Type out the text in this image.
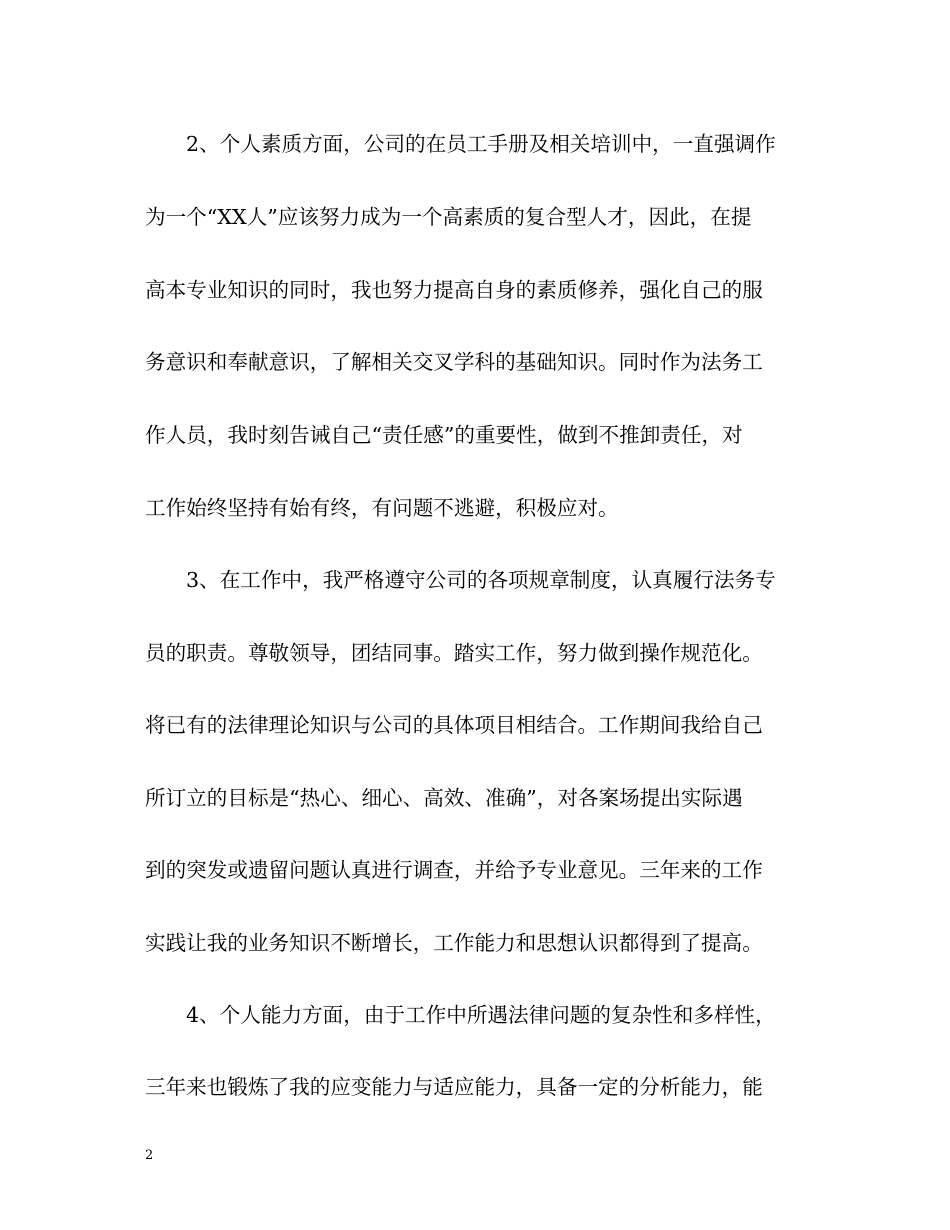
2、个人素质方面，公司的在员工手册及相关培训中，一直强调作
为一个“XX人”应该努力成为一个高素质的复合型人才，因此，在提
高本专业知识的同时，我也努力提高自身的素质修养，强化自己的服
务意识和奉献意识，了解相关交叉学科的基础知识。同时作为法务工
作人员，我时刻告诫自己“责任感”的重要性，做到不推卸责任，对
工作始终坚持有始有终，有问题不逃避，积极应对。
3、在工作中，我严格遵守公司的各项规章制度，认真履行法务专
员的职责。尊敬领导，团结同事。踏实工作，努力做到操作规范化。
将已有的法律理论知识与公司的具体项目相结合。工作期间我给自己
所订立的目标是“热心、细心、高效、准确”，对各案场提出实际遇
到的突发或遗留问题认真进行调查，并给予专业意见。三年来的工作
实践让我的业务知识不断增长，工作能力和思想认识都得到了提高。
4、个人能力方面，由于工作中所遇法律问题的复杂性和多样性，
三年来也锻炼了我的应变能力与适应能力，具备一定的分析能力，能
2
